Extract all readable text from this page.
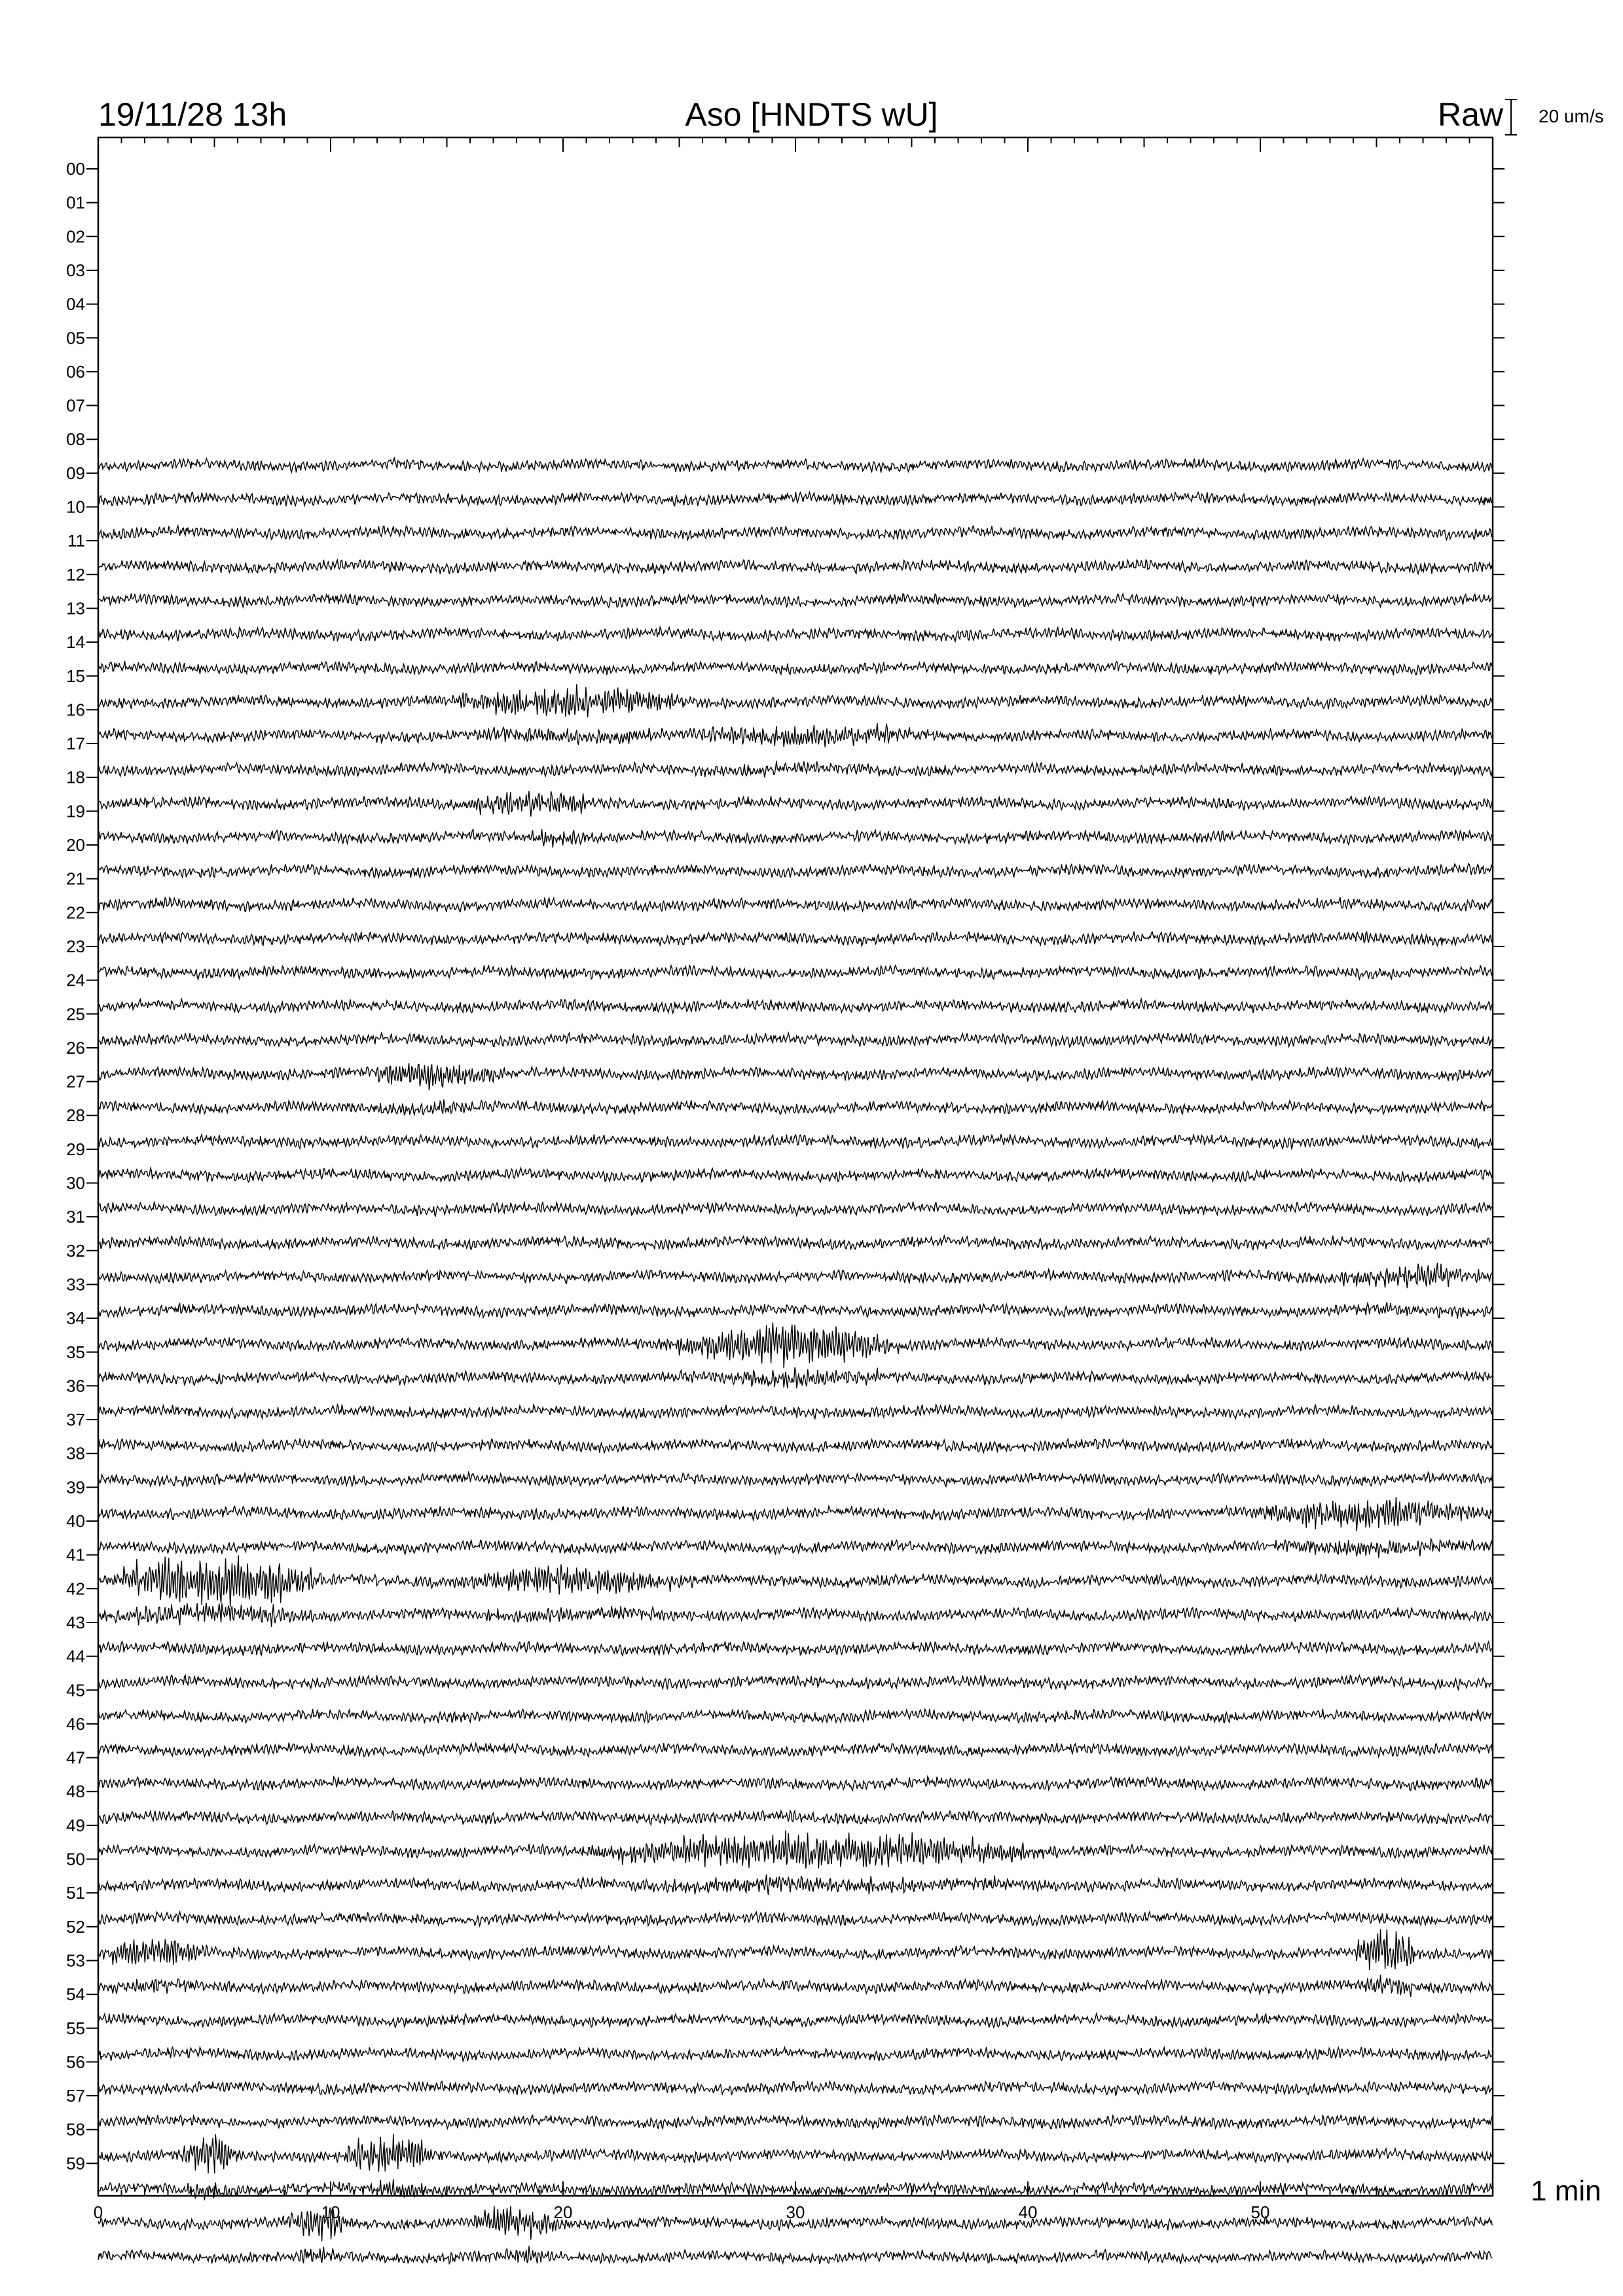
0	10	20	30	40	50
00
01
02
03
04
05
06
07
08
09
10
11
12
13
14
15
16
17
18
19
20
21
22
23
24
25
26
27
28
29
30
31
32
33
34
35
36
37
38
39
40
41
42
43
44
45
46
47
48
49
50
51
52
53
54
55
56
57
58
59
19/11/28 13h	Aso [HNDTS wU]	Raw 20 um/s
1 min
